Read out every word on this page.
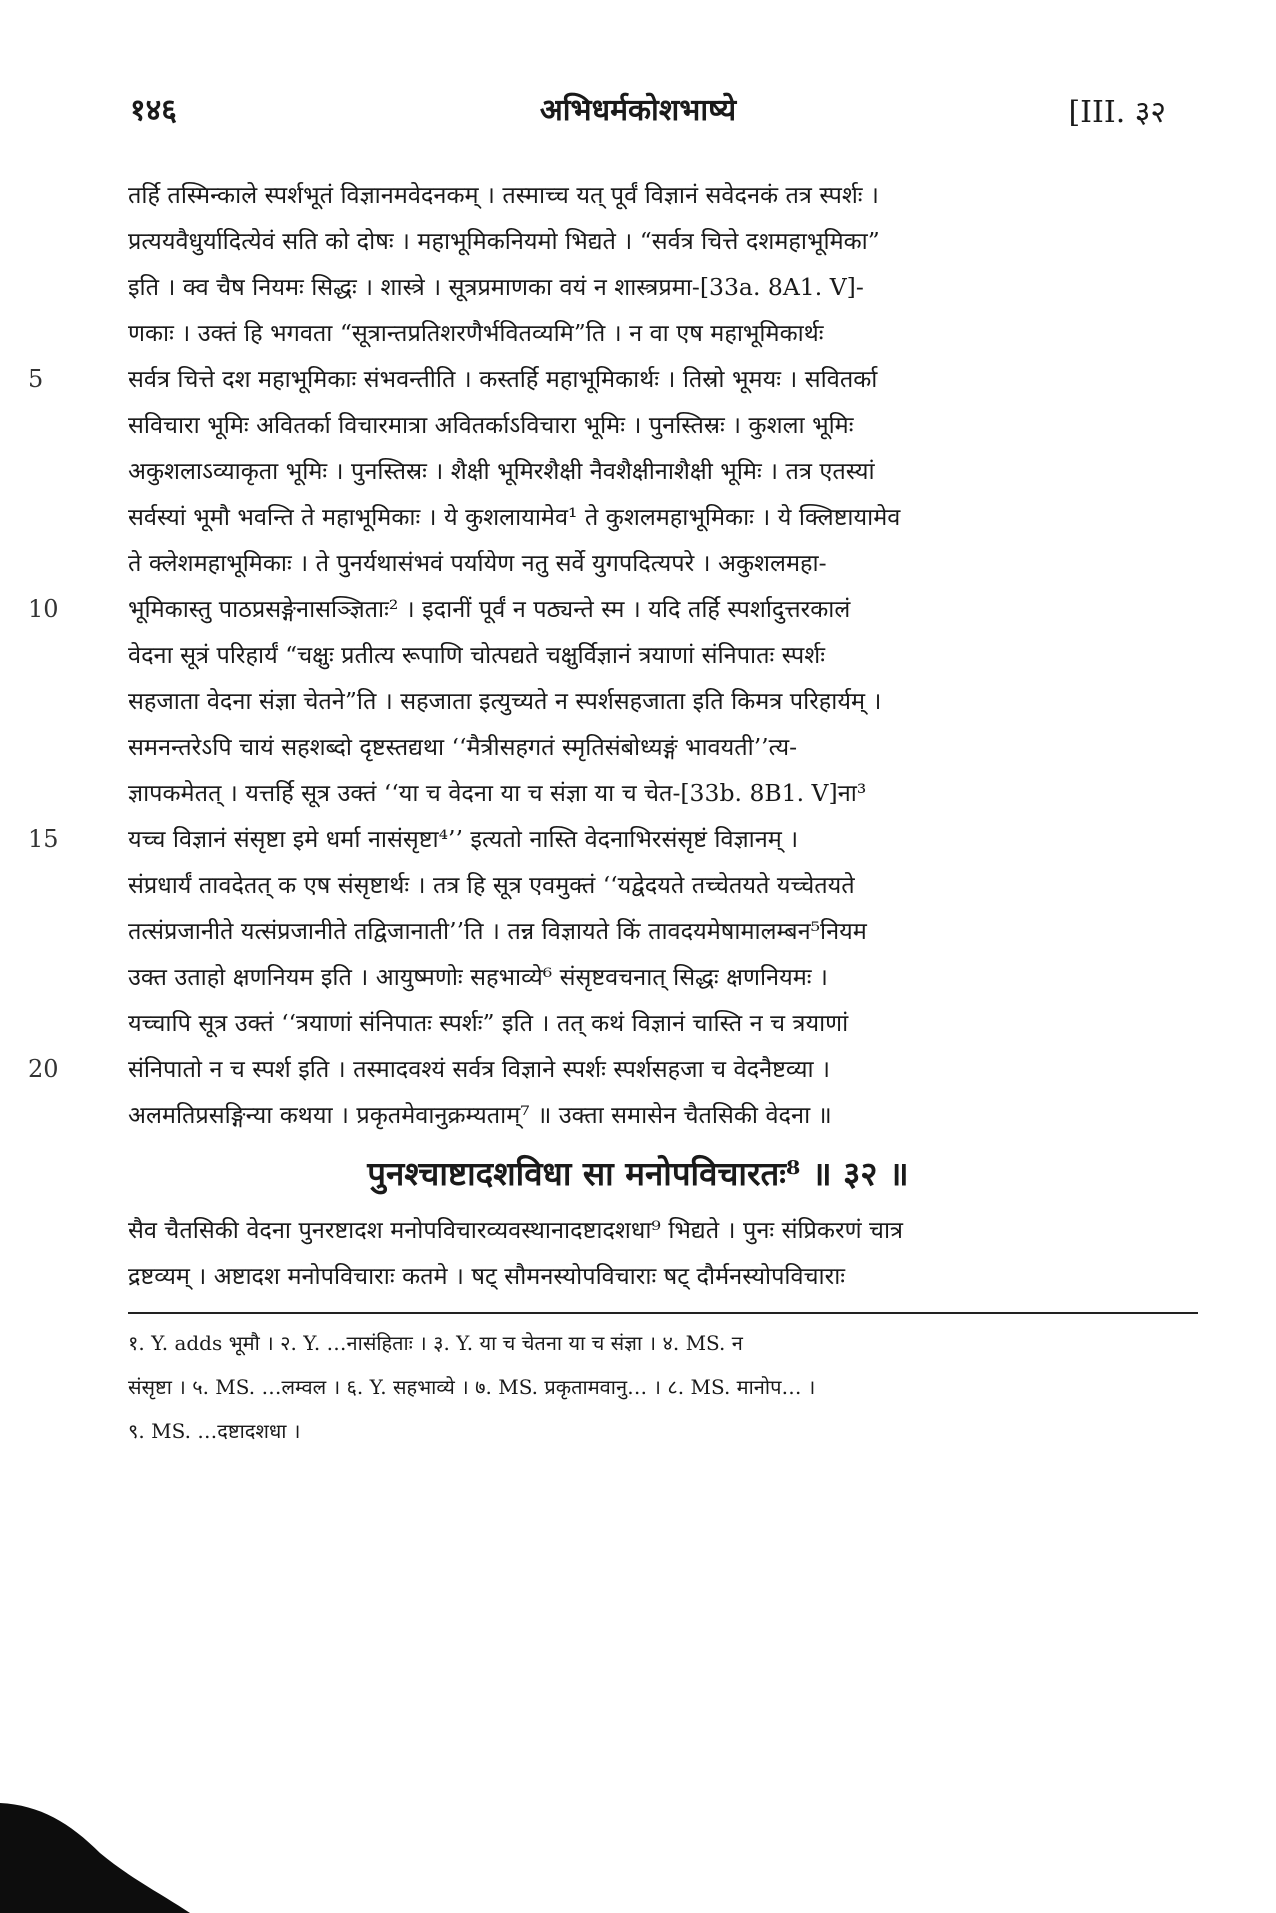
१४६	अभिधर्मकोशभाष्ये	[III. ३२
तर्हि तस्मिन्काले स्पर्शभूतं विज्ञानमवेदनकम् । तस्माच्च यत् पूर्वं विज्ञानं सवेदनकं तत्र स्पर्शः ।
प्रत्ययवैधुर्यादित्येवं सति को दोषः । महाभूमिकनियमो भिद्यते । “सर्वत्र चित्ते दशमहाभूमिका”
इति । क्व चैष नियमः सिद्धः । शास्त्रे । सूत्रप्रमाणका वयं न शास्त्रप्रमा-[33a. 8A1. V]-
णकाः । उक्तं हि भगवता “सूत्रान्तप्रतिशरणैर्भवितव्यमि”ति । न वा एष महाभूमिकार्थः
5	सर्वत्र चित्ते दश महाभूमिकाः संभवन्तीति । कस्तर्हि महाभूमिकार्थः । तिस्रो भूमयः । सवितर्का
सविचारा भूमिः अवितर्का विचारमात्रा अवितर्काऽविचारा भूमिः । पुनस्तिस्रः । कुशला भूमिः
अकुशलाऽव्याकृता भूमिः । पुनस्तिस्रः । शैक्षी भूमिरशैक्षी नैवशैक्षीनाशैक्षी भूमिः । तत्र एतस्यां
सर्वस्यां भूमौ भवन्ति ते महाभूमिकाः । ये कुशलायामेव¹ ते कुशलमहाभूमिकाः । ये क्लिष्टायामेव
ते क्लेशमहाभूमिकाः । ते पुनर्यथासंभवं पर्यायेण नतु सर्वे युगपदित्यपरे । अकुशलमहा-
10	भूमिकास्तु पाठप्रसङ्गेनासञ्ज्ञिताः² । इदानीं पूर्वं न पठ्यन्ते स्म । यदि तर्हि स्पर्शादुत्तरकालं
वेदना सूत्रं परिहार्यं “चक्षुः प्रतीत्य रूपाणि चोत्पद्यते चक्षुर्विज्ञानं त्रयाणां संनिपातः स्पर्शः
सहजाता वेदना संज्ञा चेतने”ति । सहजाता इत्युच्यते न स्पर्शसहजाता इति किमत्र परिहार्यम् ।
समनन्तरेऽपि चायं सहशब्दो दृष्टस्तद्यथा ‘‘मैत्रीसहगतं स्मृतिसंबोध्यङ्गं भावयती’’त्य-
ज्ञापकमेतत् । यत्तर्हि सूत्र उक्तं ‘‘या च वेदना या च संज्ञा या च चेत-[33b. 8B1. V]ना³
15	यच्च विज्ञानं संसृष्टा इमे धर्मा नासंसृष्टा⁴’’ इत्यतो नास्ति वेदनाभिरसंसृष्टं विज्ञानम् ।
संप्रधार्यं तावदेतत् क एष संसृष्टार्थः । तत्र हि सूत्र एवमुक्तं ‘‘यद्वेदयते तच्चेतयते यच्चेतयते
तत्संप्रजानीते यत्संप्रजानीते तद्विजानाती’’ति । तन्न विज्ञायते किं तावदयमेषामालम्बन⁵नियम
उक्त उताहो क्षणनियम इति । आयुष्मणोः सहभाव्ये⁶ संसृष्टवचनात् सिद्धः क्षणनियमः ।
यच्चापि सूत्र उक्तं ‘‘त्रयाणां संनिपातः स्पर्शः” इति । तत् कथं विज्ञानं चास्ति न च त्रयाणां
20	संनिपातो न च स्पर्श इति । तस्मादवश्यं सर्वत्र विज्ञाने स्पर्शः स्पर्शसहजा च वेदनैष्टव्या ।
अलमतिप्रसङ्गिन्या कथया । प्रकृतमेवानुक्रम्यताम्⁷ ॥ उक्ता समासेन चैतसिकी वेदना ॥
पुनश्चाष्टादशविधा सा मनोपविचारतः⁸ ॥ ३२ ॥
सैव चैतसिकी वेदना पुनरष्टादश मनोपविचारव्यवस्थानादष्टादशधा⁹ भिद्यते । पुनः संप्रिकरणं चात्र
द्रष्टव्यम् । अष्टादश मनोपविचाराः कतमे । षट् सौमनस्योपविचाराः षट् दौर्मनस्योपविचाराः
१. Y. adds भूमौ । २. Y. …नासंहिताः । ३. Y. या च चेतना या च संज्ञा । ४. MS. न
संसृष्टा । ५. MS. …लम्वल । ६. Y. सहभाव्ये । ७. MS. प्रकृतामवानु… । ८. MS. मानोप… ।
९. MS. …दष्टादशधा ।
